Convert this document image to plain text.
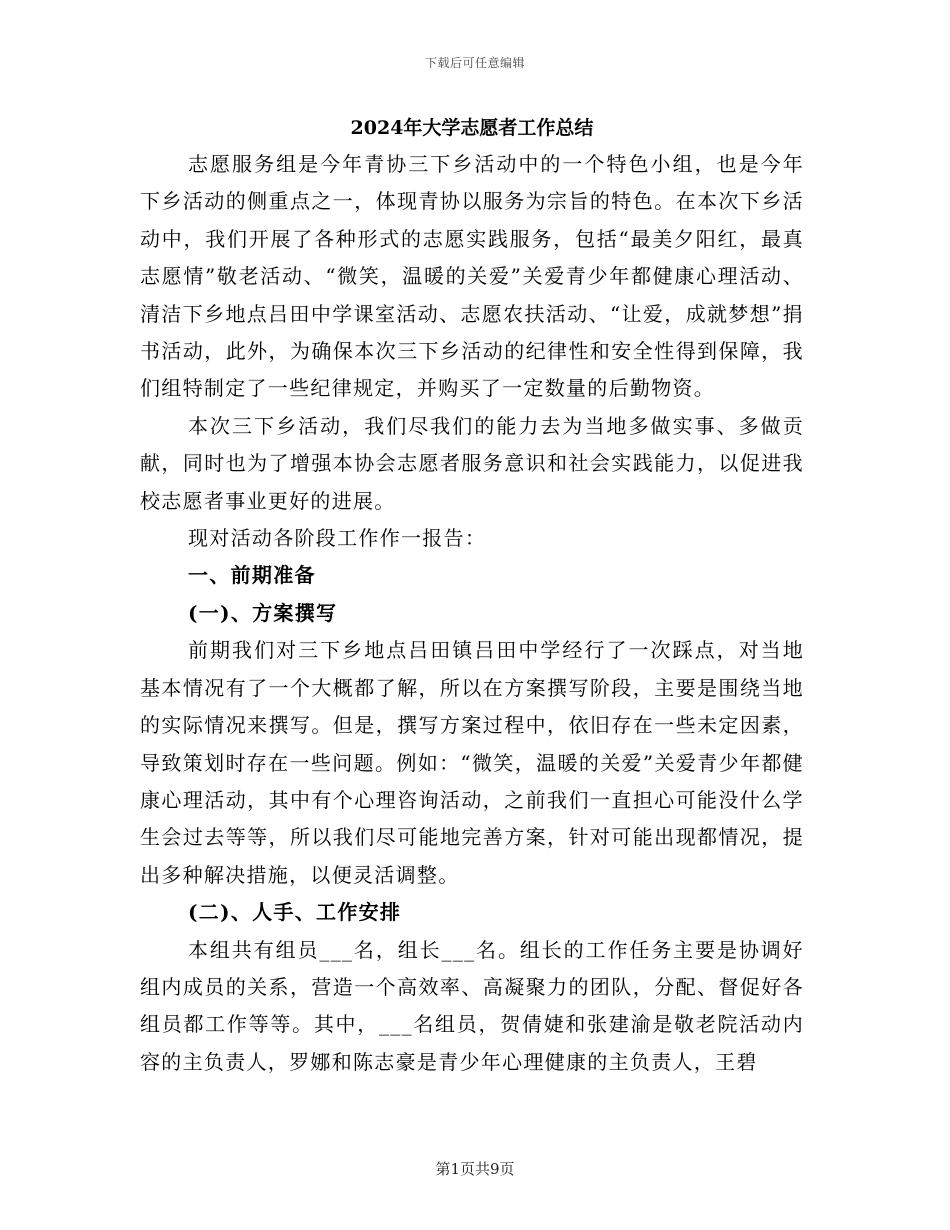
下载后可任意编辑
2024年大学志愿者工作总结

志愿服务组是今年青协三下乡活动中的一个特色小组，也是今年下乡活动的侧重点之一，体现青协以服务为宗旨的特色。在本次下乡活动中，我们开展了各种形式的志愿实践服务，包括“最美夕阳红，最真志愿情”敬老活动、“微笑，温暖的关爱”关爱青少年都健康心理活动、清洁下乡地点吕田中学课室活动、志愿农扶活动、“让爱，成就梦想”捐书活动，此外，为确保本次三下乡活动的纪律性和安全性得到保障，我们组特制定了一些纪律规定，并购买了一定数量的后勤物资。

本次三下乡活动，我们尽我们的能力去为当地多做实事、多做贡献，同时也为了增强本协会志愿者服务意识和社会实践能力，以促进我校志愿者事业更好的进展。

现对活动各阶段工作作一报告：

一、前期准备

(一)、方案撰写

前期我们对三下乡地点吕田镇吕田中学经行了一次踩点，对当地基本情况有了一个大概都了解，所以在方案撰写阶段，主要是围绕当地的实际情况来撰写。但是，撰写方案过程中，依旧存在一些未定因素，导致策划时存在一些问题。例如：“微笑，温暖的关爱”关爱青少年都健康心理活动，其中有个心理咨询活动，之前我们一直担心可能没什么学生会过去等等，所以我们尽可能地完善方案，针对可能出现都情况，提出多种解决措施，以便灵活调整。

(二)、人手、工作安排

本组共有组员___名，组长___名。组长的工作任务主要是协调好组内成员的关系，营造一个高效率、高凝聚力的团队，分配、督促好各组员都工作等等。其中，___名组员，贺倩婕和张建渝是敬老院活动内容的主负责人，罗娜和陈志豪是青少年心理健康的主负责人，王碧

第1页共9页
